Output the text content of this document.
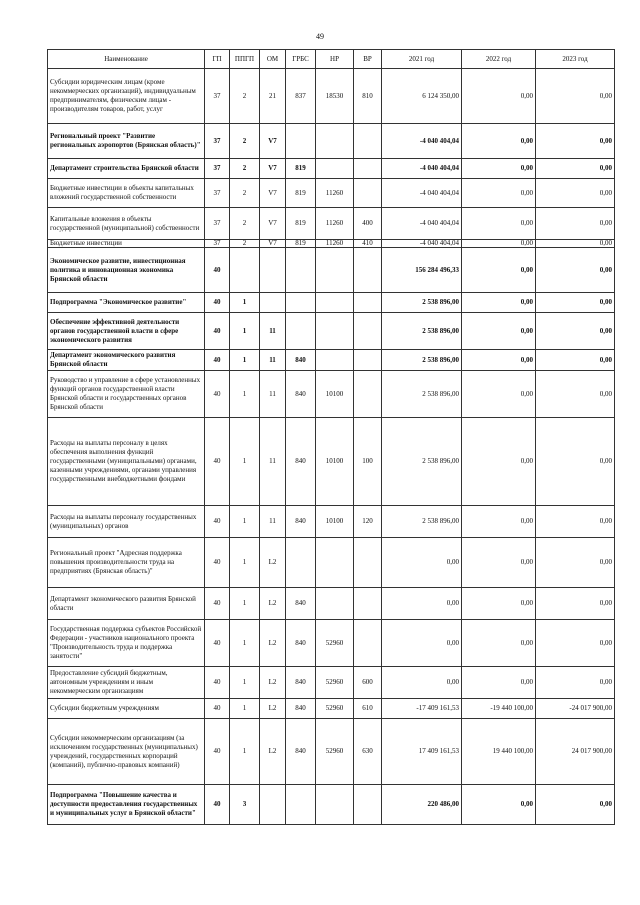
49
Наименование	ГП	ППГП	ОМ	ГРБС	НР	ВР	2021 год	2022 год	2023 год
Субсидии юридическим лицам (кроме некоммерческих организаций), индивидуальным предпринимателям, физическим лицам - производителям товаров, работ, услуг	37	2	21	837	18530	810	6 124 350,00	0,00	0,00
Региональный проект "Развитие региональных аэропортов (Брянская область)"	37	2	V7				-4 040 404,04	0,00	0,00
Департамент строительства Брянской области	37	2	V7	819			-4 040 404,04	0,00	0,00
Бюджетные инвестиции в объекты капитальных вложений государственной собственности	37	2	V7	819	11260		-4 040 404,04	0,00	0,00
Капитальные вложения в объекты государственной (муниципальной) собственности	37	2	V7	819	11260	400	-4 040 404,04	0,00	0,00
Бюджетные инвестиции	37	2	V7	819	11260	410	-4 040 404,04	0,00	0,00
Экономическое развитие, инвестиционная политика и инновационная экономика Брянской области	40						156 284 496,33	0,00	0,00
Подпрограмма "Экономическое развитие"	40	1					2 538 896,00	0,00	0,00
Обеспечение эффективной деятельности органов государственной власти в сфере экономического развития	40	1	11				2 538 896,00	0,00	0,00
Департамент экономического развития Брянской области	40	1	11	840			2 538 896,00	0,00	0,00
Руководство и управление в сфере установленных функций органов государственной власти Брянской области и государственных органов Брянской области	40	1	11	840	10100		2 538 896,00	0,00	0,00
Расходы на выплаты персоналу в целях обеспечения выполнения функций государственными (муниципальными) органами, казенными учреждениями, органами управления государственными внебюджетными фондами	40	1	11	840	10100	100	2 538 896,00	0,00	0,00
Расходы на выплаты персоналу государственных (муниципальных) органов	40	1	11	840	10100	120	2 538 896,00	0,00	0,00
Региональный проект "Адресная поддержка повышения производительности труда на предприятиях (Брянская область)"	40	1	L2				0,00	0,00	0,00
Департамент экономического развития Брянской области	40	1	L2	840			0,00	0,00	0,00
Государственная поддержка субъектов Российской Федерации - участников национального проекта "Производительность труда и поддержка занятости"	40	1	L2	840	52960		0,00	0,00	0,00
Предоставление субсидий бюджетным, автономным учреждениям и иным некоммерческим организациям	40	1	L2	840	52960	600	0,00	0,00	0,00
Субсидии бюджетным учреждениям	40	1	L2	840	52960	610	-17 409 161,53	-19 440 100,00	-24 017 900,00
Субсидии некоммерческим организациям (за исключением государственных (муниципальных) учреждений, государственных корпораций (компаний), публично-правовых компаний)	40	1	L2	840	52960	630	17 409 161,53	19 440 100,00	24 017 900,00
Подпрограмма "Повышение качества и доступности предоставления государственных и муниципальных услуг в Брянской области"	40	3					220 486,00	0,00	0,00
